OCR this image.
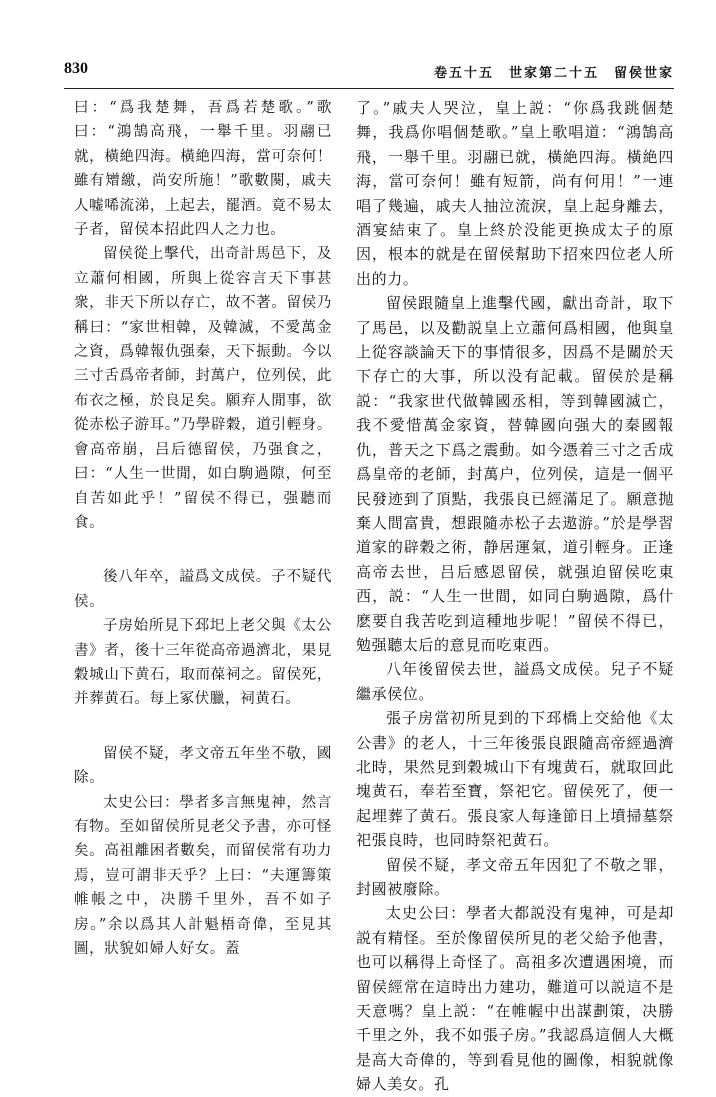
830	卷五十五　世家第二十五　留侯世家

曰：“爲我楚舞，吾爲若楚歌。”歌曰：“鴻鵠高飛，一舉千里。羽翮已就，橫絶四海。橫絶四海，當可奈何！雖有矰繳，尚安所施！”歌數闋，戚夫人嘘唏流涕，上起去，罷酒。竟不易太子者，留侯本招此四人之力也。

留侯從上擊代，出奇計馬邑下，及立蕭何相國，所與上從容言天下事甚衆，非天下所以存亡，故不著。留侯乃稱曰：“家世相韓，及韓滅，不愛萬金之資，爲韓報仇强秦，天下振動。今以三寸舌爲帝者師，封萬户，位列侯，此布衣之極，於良足矣。願弃人閒事，欲從赤松子游耳。”乃學辟穀，道引輕身。會高帝崩，吕后德留侯，乃强食之，曰：“人生一世閒，如白駒過隙，何至自苦如此乎！”留侯不得已，强聽而食。

後八年卒，謚爲文成侯。子不疑代侯。

子房始所見下邳圯上老父與《太公書》者，後十三年從高帝過濟北，果見穀城山下黄石，取而葆祠之。留侯死，并葬黄石。每上冢伏臘，祠黄石。

留侯不疑，孝文帝五年坐不敬，國除。

太史公曰：學者多言無鬼神，然言有物。至如留侯所見老父予書，亦可怪矣。高祖離困者數矣，而留侯常有功力焉，豈可謂非天乎？上曰：“夫運籌策帷帳之中，决勝千里外，吾不如子房。”余以爲其人計魁梧奇偉，至見其圖，狀貌如婦人好女。蓋

了。”戚夫人哭泣，皇上説：“你爲我跳個楚舞，我爲你唱個楚歌。”皇上歌唱道：“鴻鵠高飛，一舉千里。羽翮已就，橫絶四海。橫絶四海，當可奈何！雖有短箭，尚有何用！”一連唱了幾遍，戚夫人抽泣流淚，皇上起身離去，酒宴結束了。皇上終於没能更换成太子的原因，根本的就是在留侯幫助下招來四位老人所出的力。

留侯跟隨皇上進擊代國，獻出奇計，取下了馬邑，以及勸説皇上立蕭何爲相國，他與皇上從容談論天下的事情很多，因爲不是關於天下存亡的大事，所以没有記載。留侯於是稱説：“我家世代做韓國丞相，等到韓國滅亡，我不愛惜萬金家資，替韓國向强大的秦國報仇，普天之下爲之震動。如今憑着三寸之舌成爲皇帝的老師，封萬户，位列侯，這是一個平民發迹到了頂點，我張良已經滿足了。願意抛棄人間富貴，想跟隨赤松子去遨游。”於是學習道家的辟穀之術，静居運氣，道引輕身。正逢高帝去世，吕后感恩留侯，就强迫留侯吃東西，説：“人生一世間，如同白駒過隙，爲什麽要自我苦吃到這種地步呢！”留侯不得已，勉强聽太后的意見而吃東西。

八年後留侯去世，謚爲文成侯。兒子不疑繼承侯位。

張子房當初所見到的下邳橋上交給他《太公書》的老人，十三年後張良跟隨高帝經過濟北時，果然見到穀城山下有塊黄石，就取回此塊黄石，奉若至寶，祭祀它。留侯死了，便一起埋葬了黄石。張良家人每逢節日上墳掃墓祭祀張良時，也同時祭祀黄石。

留侯不疑，孝文帝五年因犯了不敬之罪，封國被廢除。

太史公曰：學者大都説没有鬼神，可是却説有精怪。至於像留侯所見的老父給予他書，也可以稱得上奇怪了。高祖多次遭遇困境，而留侯經常在這時出力建功，難道可以説這不是天意嗎？皇上説：“在帷幄中出謀劃策，决勝千里之外，我不如張子房。”我認爲這個人大概是高大奇偉的，等到看見他的圖像，相貌就像婦人美女。孔
